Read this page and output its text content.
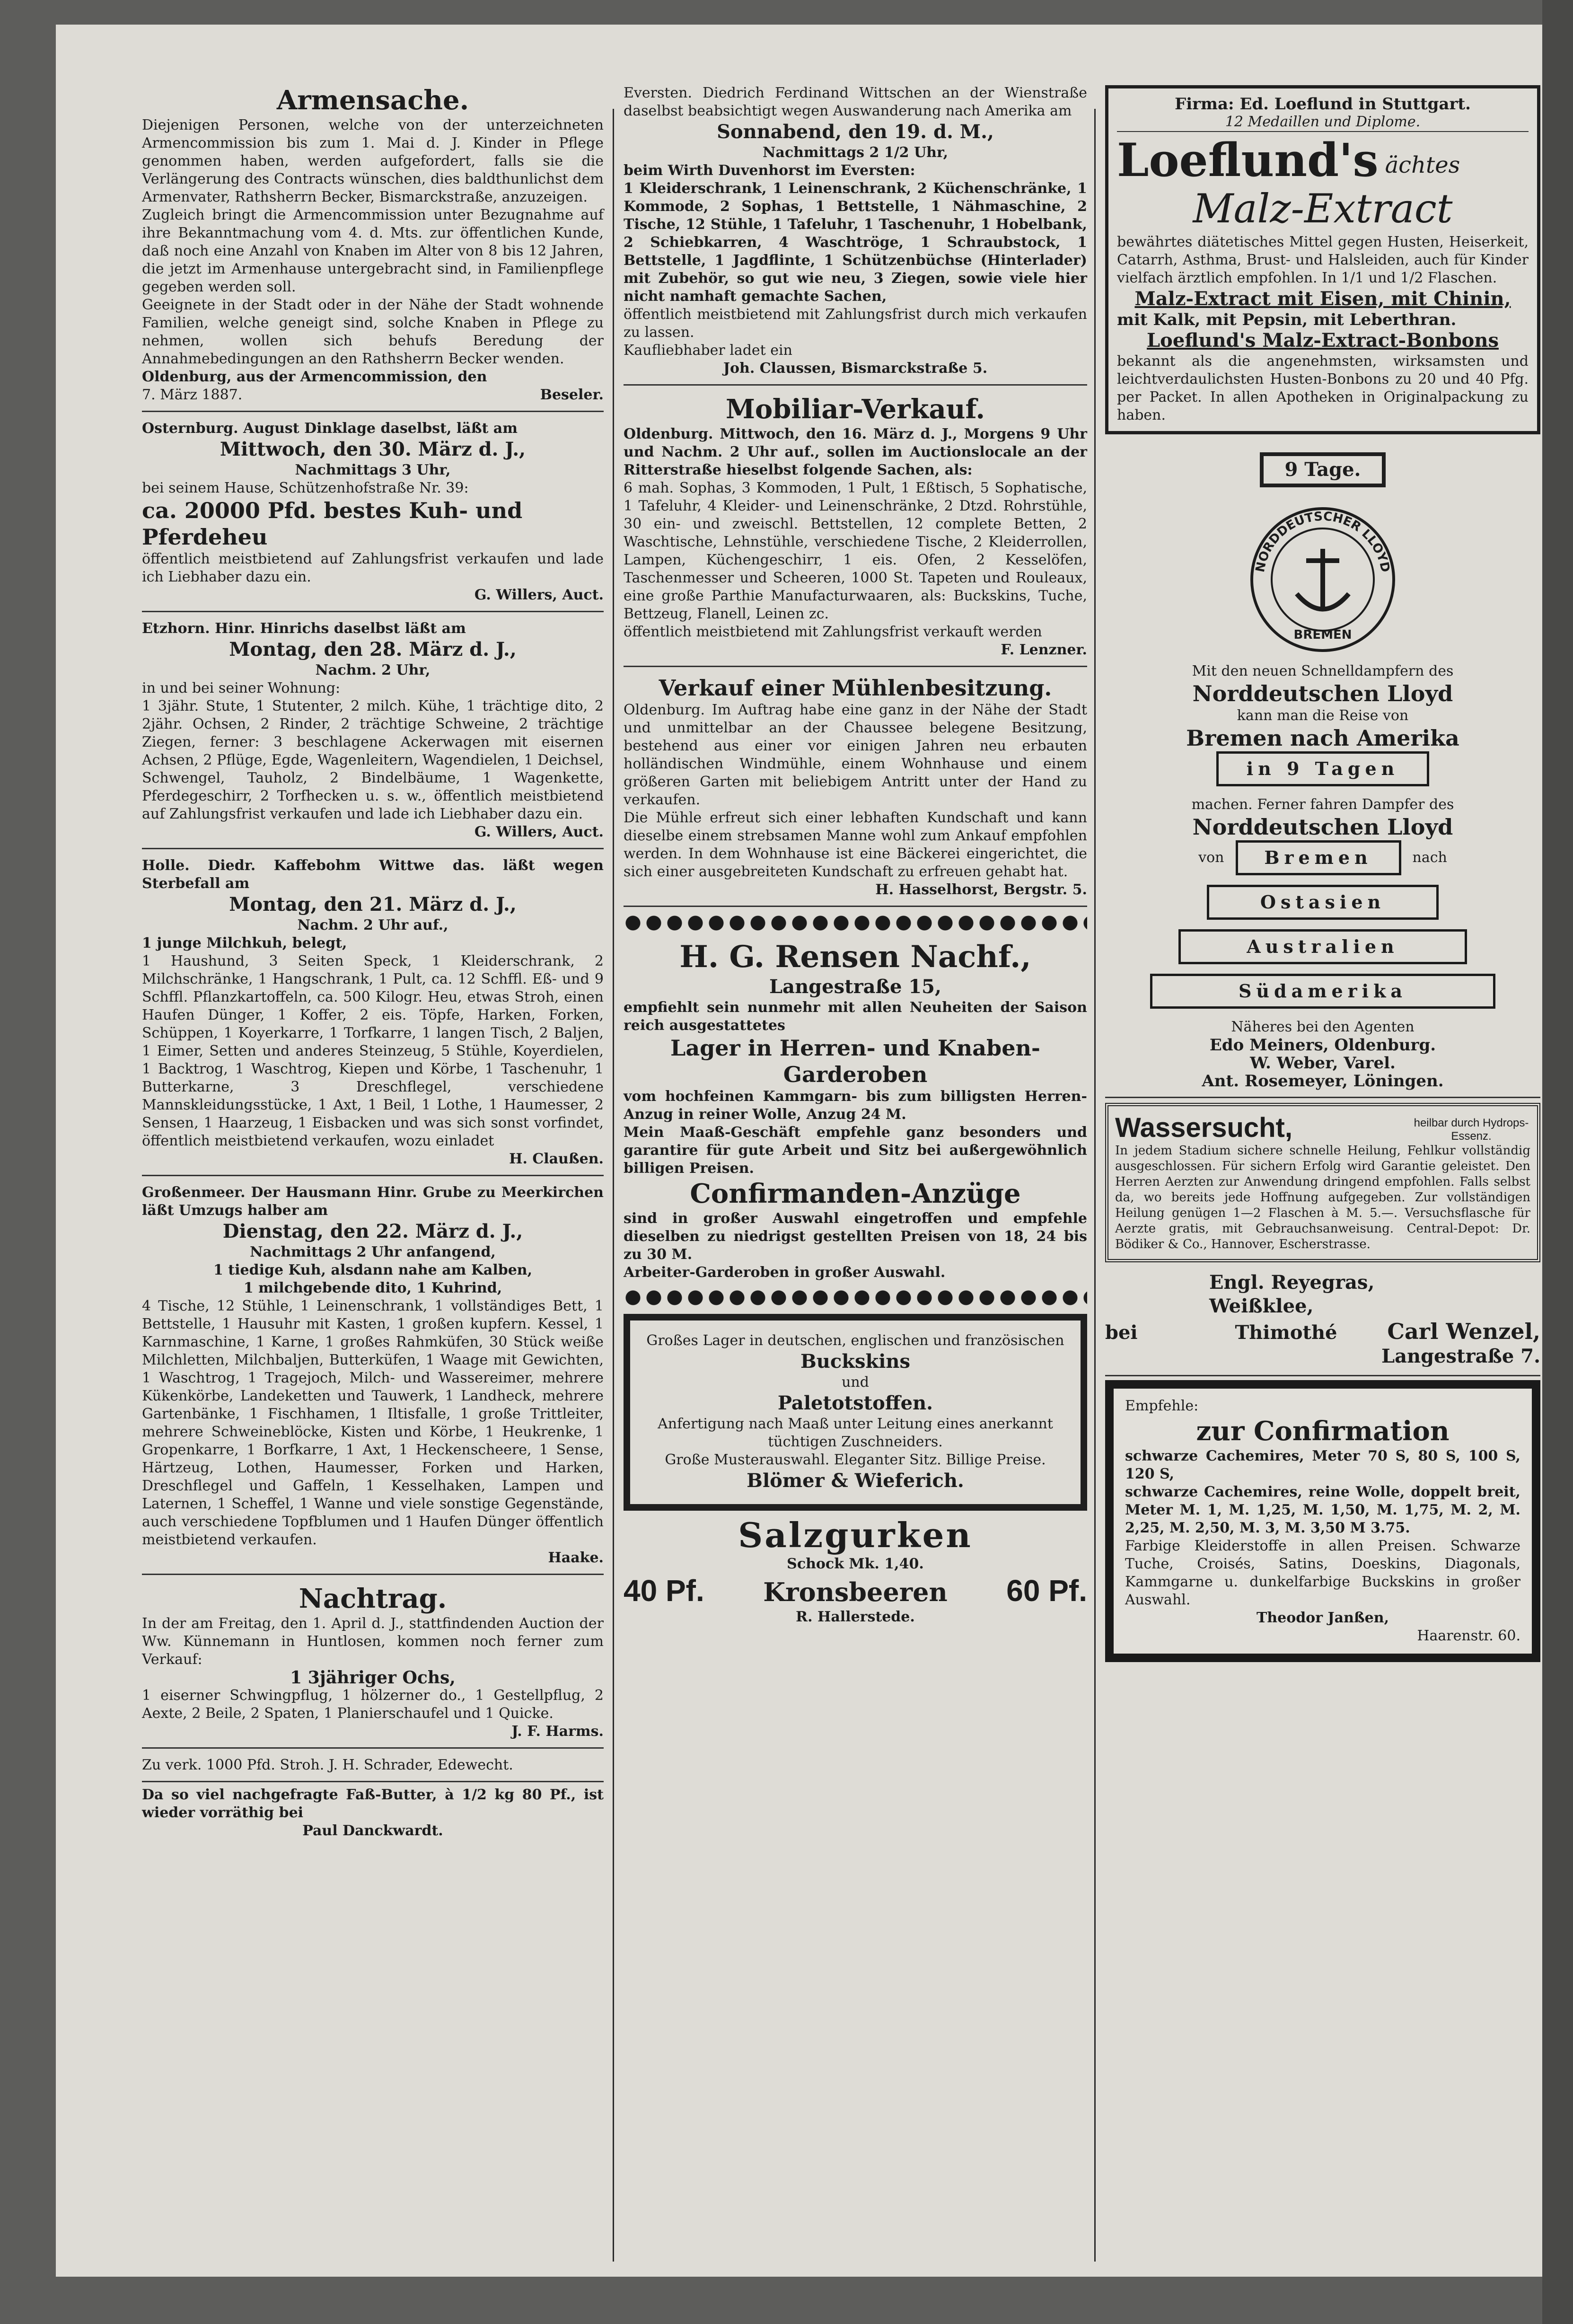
Armensache.

Diejenigen Personen, welche von der unterzeichneten Armencommission bis zum 1. Mai d. J. Kinder in Pflege genommen haben, werden aufgefordert, falls sie die Verlängerung des Contracts wünschen, dies baldthunlichst dem Armenvater, Rathsherrn Becker, Bismarckstraße, anzuzeigen.

Zugleich bringt die Armencommission unter Bezugnahme auf ihre Bekanntmachung vom 4. d. Mts. zur öffentlichen Kunde, daß noch eine Anzahl von Knaben im Alter von 8 bis 12 Jahren, die jetzt im Armenhause untergebracht sind, in Familienpflege gegeben werden soll.

Geeignete in der Stadt oder in der Nähe der Stadt wohnende Familien, welche geneigt sind, solche Knaben in Pflege zu nehmen, wollen sich behufs Beredung der Annahmebedingungen an den Rathsherrn Becker wenden.

Oldenburg, aus der Armencommission, den

7. März 1887.	Beseler.

Osternburg. August Dinklage daselbst, läßt am

Mittwoch, den 30. März d. J.,

Nachmittags 3 Uhr,

bei seinem Hause, Schützenhofstraße Nr. 39:

ca. 20000 Pfd. bestes Kuh- und Pferdeheu

öffentlich meistbietend auf Zahlungsfrist verkaufen und lade ich Liebhaber dazu ein.

G. Willers, Auct.

Etzhorn. Hinr. Hinrichs daselbst läßt am

Montag, den 28. März d. J.,

Nachm. 2 Uhr,

in und bei seiner Wohnung:

1 3jähr. Stute, 1 Stutenter, 2 milch. Kühe, 1 trächtige dito, 2 2jähr. Ochsen, 2 Rinder, 2 trächtige Schweine, 2 trächtige Ziegen, ferner: 3 beschlagene Ackerwagen mit eisernen Achsen, 2 Pflüge, Egde, Wagenleitern, Wagendielen, 1 Deichsel, Schwengel, Tauholz, 2 Bindelbäume, 1 Wagenkette, Pferdegeschirr, 2 Torfhecken u. s. w., öffentlich meistbietend auf Zahlungsfrist verkaufen und lade ich Liebhaber dazu ein.

G. Willers, Auct.

Holle. Diedr. Kaffebohm Wittwe das. läßt wegen Sterbefall am

Montag, den 21. März d. J.,

Nachm. 2 Uhr auf.,

1 junge Milchkuh, belegt,

1 Haushund, 3 Seiten Speck, 1 Kleiderschrank, 2 Milchschränke, 1 Hangschrank, 1 Pult, ca. 12 Schffl. Eß- und 9 Schffl. Pflanzkartoffeln, ca. 500 Kilogr. Heu, etwas Stroh, einen Haufen Dünger, 1 Koffer, 2 eis. Töpfe, Harken, Forken, Schüppen, 1 Koyerkarre, 1 Torfkarre, 1 langen Tisch, 2 Baljen, 1 Eimer, Setten und anderes Steinzeug, 5 Stühle, Koyerdielen, 1 Backtrog, 1 Waschtrog, Kiepen und Körbe, 1 Taschenuhr, 1 Butterkarne, 3 Dreschflegel, verschiedene Mannskleidungsstücke, 1 Axt, 1 Beil, 1 Lothe, 1 Haumesser, 2 Sensen, 1 Haarzeug, 1 Eisbacken und was sich sonst vorfindet, öffentlich meistbietend verkaufen, wozu einladet

H. Claußen.

Großenmeer. Der Hausmann Hinr. Grube zu Meerkirchen läßt Umzugs halber am

Dienstag, den 22. März d. J.,

Nachmittags 2 Uhr anfangend,

1 tiedige Kuh, alsdann nahe am Kalben,

1 milchgebende dito, 1 Kuhrind,

4 Tische, 12 Stühle, 1 Leinenschrank, 1 vollständiges Bett, 1 Bettstelle, 1 Hausuhr mit Kasten, 1 großen kupfern. Kessel, 1 Karnmaschine, 1 Karne, 1 großes Rahmküfen, 30 Stück weiße Milchletten, Milchbaljen, Butterküfen, 1 Waage mit Gewichten, 1 Waschtrog, 1 Tragejoch, Milch- und Wassereimer, mehrere Kükenkörbe, Landeketten und Tauwerk, 1 Landheck, mehrere Gartenbänke, 1 Fischhamen, 1 Iltisfalle, 1 große Trittleiter, mehrere Schweineblöcke, Kisten und Körbe, 1 Heukrenke, 1 Gropenkarre, 1 Borfkarre, 1 Axt, 1 Heckenscheere, 1 Sense, Härtzeug, Lothen, Haumesser, Forken und Harken, Dreschflegel und Gaffeln, 1 Kesselhaken, Lampen und Laternen, 1 Scheffel, 1 Wanne und viele sonstige Gegenstände, auch verschiedene Topfblumen und 1 Haufen Dünger öffentlich meistbietend verkaufen.

Haake.

Nachtrag.

In der am Freitag, den 1. April d. J., stattfindenden Auction der Ww. Künnemann in Huntlosen, kommen noch ferner zum Verkauf:

1 3jähriger Ochs,

1 eiserner Schwingpflug, 1 hölzerner do., 1 Gestellpflug, 2 Aexte, 2 Beile, 2 Spaten, 1 Planierschaufel und 1 Quicke.

J. F. Harms.

Zu verk. 1000 Pfd. Stroh. J. H. Schrader, Edewecht.

Da so viel nachgefragte Faß-Butter, à 1/2 kg 80 Pf., ist wieder vorräthig bei

Paul Danckwardt.

Eversten. Diedrich Ferdinand Wittschen an der Wienstraße daselbst beabsichtigt wegen Auswanderung nach Amerika am

Sonnabend, den 19. d. M.,

Nachmittags 2 1/2 Uhr,

beim Wirth Duvenhorst im Eversten:

1 Kleiderschrank, 1 Leinenschrank, 2 Küchenschränke, 1 Kommode, 2 Sophas, 1 Bettstelle, 1 Nähmaschine, 2 Tische, 12 Stühle, 1 Tafeluhr, 1 Taschenuhr, 1 Hobelbank, 2 Schiebkarren, 4 Waschtröge, 1 Schraubstock, 1 Bettstelle, 1 Jagdflinte, 1 Schützenbüchse (Hinterlader) mit Zubehör, so gut wie neu, 3 Ziegen, sowie viele hier nicht namhaft gemachte Sachen,

öffentlich meistbietend mit Zahlungsfrist durch mich verkaufen zu lassen.

Kaufliebhaber ladet ein

Joh. Claussen, Bismarckstraße 5.

Mobiliar-Verkauf.

Oldenburg. Mittwoch, den 16. März d. J., Morgens 9 Uhr und Nachm. 2 Uhr auf., sollen im Auctionslocale an der Ritterstraße hieselbst folgende Sachen, als:

6 mah. Sophas, 3 Kommoden, 1 Pult, 1 Eßtisch, 5 Sophatische, 1 Tafeluhr, 4 Kleider- und Leinenschränke, 2 Dtzd. Rohrstühle, 30 ein- und zweischl. Bettstellen, 12 complete Betten, 2 Waschtische, Lehnstühle, verschiedene Tische, 2 Kleiderrollen, Lampen, Küchengeschirr, 1 eis. Ofen, 2 Kesselöfen, Taschenmesser und Scheeren, 1000 St. Tapeten und Rouleaux, eine große Parthie Manufacturwaaren, als: Buckskins, Tuche, Bettzeug, Flanell, Leinen zc.

öffentlich meistbietend mit Zahlungsfrist verkauft werden

F. Lenzner.

Verkauf einer Mühlenbesitzung.

Oldenburg. Im Auftrag habe eine ganz in der Nähe der Stadt und unmittelbar an der Chaussee belegene Besitzung, bestehend aus einer vor einigen Jahren neu erbauten holländischen Windmühle, einem Wohnhause und einem größeren Garten mit beliebigem Antritt unter der Hand zu verkaufen.

Die Mühle erfreut sich einer lebhaften Kundschaft und kann dieselbe einem strebsamen Manne wohl zum Ankauf empfohlen werden. In dem Wohnhause ist eine Bäckerei eingerichtet, die sich einer ausgebreiteten Kundschaft zu erfreuen gehabt hat.

H. Hasselhorst, Bergstr. 5.

H. G. Rensen Nachf.,

Langestraße 15,

empfiehlt sein nunmehr mit allen Neuheiten der Saison reich ausgestattetes

Lager in Herren- und Knaben-Garderoben

vom hochfeinen Kammgarn- bis zum billigsten Herren-Anzug in reiner Wolle, Anzug 24 M.

Mein Maaß-Geschäft empfehle ganz besonders und garantire für gute Arbeit und Sitz bei außergewöhnlich billigen Preisen.

Confirmanden-Anzüge

sind in großer Auswahl eingetroffen und empfehle dieselben zu niedrigst gestellten Preisen von 18, 24 bis zu 30 M.

Arbeiter-Garderoben in großer Auswahl.

Großes Lager in deutschen, englischen und französischen

Buckskins

und

Paletotstoffen.

Anfertigung nach Maaß unter Leitung eines anerkannt tüchtigen Zuschneiders.

Große Musterauswahl. Eleganter Sitz. Billige Preise.

Blömer & Wieferich.

Salzgurken

Schock Mk. 1,40.

40 Pf. Kronsbeeren 60 Pf.

R. Hallerstede.

Firma: Ed. Loeflund in Stuttgart.

12 Medaillen und Diplome.

Loeflund's ächtes

Malz-Extract

bewährtes diätetisches Mittel gegen Husten, Heiserkeit, Catarrh, Asthma, Brust- und Halsleiden, auch für Kinder vielfach ärztlich empfohlen. In 1/1 und 1/2 Flaschen.

Malz-Extract mit Eisen, mit Chinin,

mit Kalk, mit Pepsin, mit Leberthran.

Loeflund's Malz-Extract-Bonbons

bekannt als die angenehmsten, wirksamsten und leichtverdaulichsten Husten-Bonbons zu 20 und 40 Pfg. per Packet. In allen Apotheken in Originalpackung zu haben.

9 Tage.

NORDDEUTSCHER LLOYD
BREMEN

Mit den neuen Schnelldampfern des

Norddeutschen Lloyd

kann man die Reise von

Bremen nach Amerika

in 9 Tagen

machen. Ferner fahren Dampfer des

Norddeutschen Lloyd

von	Bremen	nach
Ostasien
Australien
Südamerika

Näheres bei den Agenten

Edo Meiners, Oldenburg.

W. Weber, Varel.

Ant. Rosemeyer, Löningen.

Wassersucht,	heilbar durch Hydrops-Essenz.

In jedem Stadium sichere schnelle Heilung, Fehlkur vollständig ausgeschlossen. Für sichern Erfolg wird Garantie geleistet. Den Herren Aerzten zur Anwendung dringend empfohlen. Falls selbst da, wo bereits jede Hoffnung aufgegeben. Zur vollständigen Heilung genügen 1—2 Flaschen à M. 5.—. Versuchsflasche für Aerzte gratis, mit Gebrauchsanweisung. Central-Depot: Dr. Bödiker & Co., Hannover, Escherstrasse.

Engl. Reyegras,

Weißklee,

bei	Thimothé Carl Wenzel,

Langestraße 7.

Empfehle:

zur Confirmation

schwarze Cachemires, Meter 70 S, 80 S, 100 S, 120 S,

schwarze Cachemires, reine Wolle, doppelt breit, Meter M. 1, M. 1,25, M. 1,50, M. 1,75, M. 2, M. 2,25, M. 2,50, M. 3, M. 3,50 M 3.75.

Farbige Kleiderstoffe in allen Preisen. Schwarze Tuche, Croisés, Satins, Doeskins, Diagonals, Kammgarne u. dunkelfarbige Buckskins in großer Auswahl.

Theodor Janßen,

Haarenstr. 60.
